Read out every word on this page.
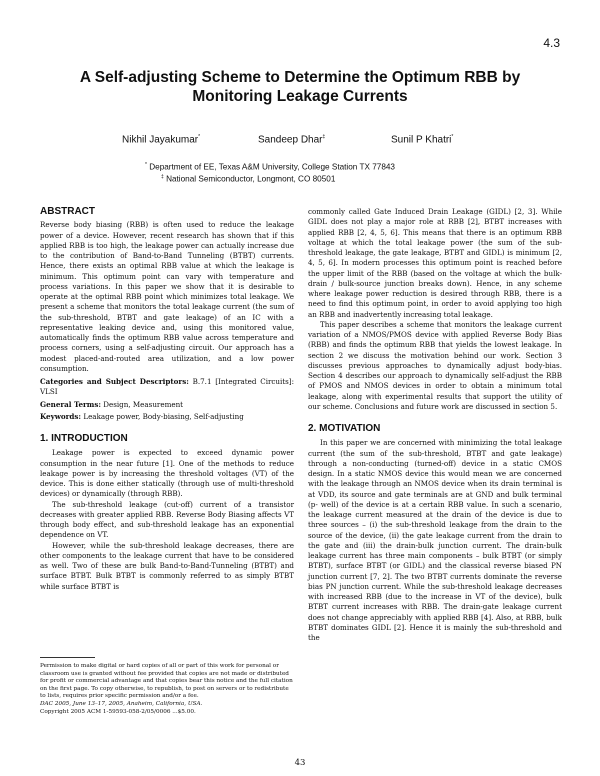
4.3
A Self-adjusting Scheme to Determine the Optimum RBB by Monitoring Leakage Currents
Nikhil Jayakumar*	Sandeep Dhar‡	Sunil P Khatri*
* Department of EE, Texas A&M University, College Station TX 77843
‡ National Semiconductor, Longmont, CO 80501
ABSTRACT

Reverse body biasing (RBB) is often used to reduce the leakage power of a device. However, recent research has shown that if this applied RBB is too high, the leakage power can actually increase due to the contribution of Band-to-Band Tunneling (BTBT) currents. Hence, there exists an optimal RBB value at which the leakage is minimum. This optimum point can vary with temperature and process variations. In this paper we show that it is desirable to operate at the optimal RBB point which minimizes total leakage. We present a scheme that monitors the total leakage current (the sum of the sub-threshold, BTBT and gate leakage) of an IC with a representative leaking device and, using this monitored value, automatically finds the optimum RBB value across temperature and process corners, using a self-adjusting circuit. Our approach has a modest placed-and-routed area utilization, and a low power consumption.

Categories and Subject Descriptors: B.7.1 [Integrated Circuits]: VLSI

General Terms: Design, Measurement

Keywords: Leakage power, Body-biasing, Self-adjusting

1. INTRODUCTION

Leakage power is expected to exceed dynamic power consumption in the near future [1]. One of the methods to reduce leakage power is by increasing the threshold voltages (VT) of the device. This is done either statically (through use of multi-threshold devices) or dynamically (through RBB).

The sub-threshold leakage (cut-off) current of a transistor decreases with greater applied RBB. Reverse Body Biasing affects VT through body effect, and sub-threshold leakage has an exponential dependence on VT.

However, while the sub-threshold leakage decreases, there are other components to the leakage current that have to be considered as well. Two of these are bulk Band-to-Band-Tunneling (BTBT) and surface BTBT. Bulk BTBT is commonly referred to as simply BTBT while surface BTBT is

Permission to make digital or hard copies of all or part of this work for personal or classroom use is granted without fee provided that copies are not made or distributed for profit or commercial advantage and that copies bear this notice and the full citation on the first page. To copy otherwise, to republish, to post on servers or to redistribute to lists, requires prior specific permission and/or a fee.

DAC 2005, June 13–17, 2005, Anaheim, California, USA.

Copyright 2005 ACM 1-59593-058-2/05/0006 ...$5.00.

commonly called Gate Induced Drain Leakage (GIDL) [2, 3]. While GIDL does not play a major role at RBB [2], BTBT increases with applied RBB [2, 4, 5, 6]. This means that there is an optimum RBB voltage at which the total leakage power (the sum of the sub-threshold leakage, the gate leakage, BTBT and GIDL) is minimum [2, 4, 5, 6]. In modern processes this optimum point is reached before the upper limit of the RBB (based on the voltage at which the bulk-drain / bulk-source junction breaks down). Hence, in any scheme where leakage power reduction is desired through RBB, there is a need to find this optimum point, in order to avoid applying too high an RBB and inadvertently increasing total leakage.

This paper describes a scheme that monitors the leakage current variation of a NMOS/PMOS device with applied Reverse Body Bias (RBB) and finds the optimum RBB that yields the lowest leakage. In section 2 we discuss the motivation behind our work. Section 3 discusses previous approaches to dynamically adjust body-bias. Section 4 describes our approach to dynamically self-adjust the RBB of PMOS and NMOS devices in order to obtain a minimum total leakage, along with experimental results that support the utility of our scheme. Conclusions and future work are discussed in section 5.

2. MOTIVATION

In this paper we are concerned with minimizing the total leakage current (the sum of the sub-threshold, BTBT and gate leakage) through a non-conducting (turned-off) device in a static CMOS design. In a static NMOS device this would mean we are concerned with the leakage through an NMOS device when its drain terminal is at VDD, its source and gate terminals are at GND and bulk terminal (p- well) of the device is at a certain RBB value. In such a scenario, the leakage current measured at the drain of the device is due to three sources – (i) the sub-threshold leakage from the drain to the source of the device, (ii) the gate leakage current from the drain to the gate and (iii) the drain-bulk junction current. The drain-bulk leakage current has three main components – bulk BTBT (or simply BTBT), surface BTBT (or GIDL) and the classical reverse biased PN junction current [7, 2]. The two BTBT currents dominate the reverse bias PN junction current. While the sub-threshold leakage decreases with increased RBB (due to the increase in VT of the device), bulk BTBT current increases with RBB. The drain-gate leakage current does not change appreciably with applied RBB [4]. Also, at RBB, bulk BTBT dominates GIDL [2]. Hence it is mainly the sub-threshold and the

43
